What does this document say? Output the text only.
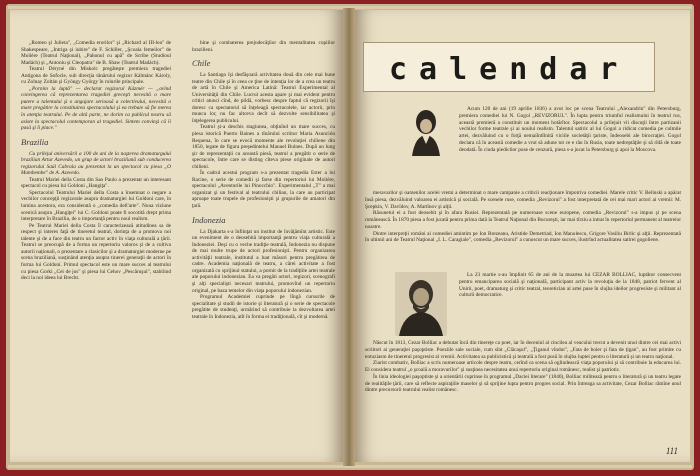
„Romeo şi Julieta", „Comedia erorilor" şi „Richard al III-lea" de Shakespeare, „Intriga şi iubire" de F. Schiller, „Şcoala femeilor" de Molière (Teatrul Naţional), „Pahonul cu apă" de Scribe (Studioul Madách) şi „Antoniu şi Cleopatra" de B. Shaw (Teatrul Madách).

Teatrul Déryné din Miskolc pregăteşte premiera tragediei Antigona de Sofocle, sub direcţia tânărului regizor Kálmánc Károly, cu Zolnay Zoltán şi Gyöngy György în rolurile principale.

„Pornim la luptă" — declarat regizorul Kázmér — „avînd convingerea că reprezentarea tragediei greceşti necesită o mare putere a talentului şi o angajare serioasă a colectivului, necesită o mare pregătire la constituirea spectacolului şi ea trebuie să fie mereu în atenţia teatrului. Pe de altă parte, ne dorim ca publicul nostru să asiste la spectacolul contemporan al tragediei. Sintem convinşi că îi pasă şi îi place."

Brazilia

Cu prilejul aniversării a 100 de ani de la naşterea dramaturgului brazilian Artur Azevedo, un grup de actori braziliană sub conducerea regizorului Saúl Cabrala au prezentat la un spectacol cu piesa „O Mambembe" de A. Azevedo.

Teatrul Mariei della Costa din Sao Paulo a prezentat un interesant spectacol cu piesa lui Goldoni „Hangiţa".

Spectacolul Teatrului Mariei della Costa a însemnat o negare a vechilor concepţii regizorale asupra dramaturgiei lui Goldoni care, în lumina acestora, era considerată o „comedia dell'arte". Noua viziune scenică asupra „Hangiţei" lui C. Goldoni poate fi socotită drept prima interpretare în Brazilia, de o importanţă pentru noul realism.

Pe Teatrul Mariei della Costa îl caracterizează atitudinea sa de respect şi interes faţă de tineretul teatral, dorinţa de a promova noi talente şi de a face din teatru un factor activ în viaţa culturală a ţării. Teatrul se preocupă de a forma un repertoriu valoros şi de a cultiva autorii naţionali, o prezentare a clasicilor şi a dramaturgiei moderne pe scena braziliană, susţinând atenţia asupra tinerei generaţii de actori în forma lui Goldoni. Primul spectacol este un mare succes al teatrului cu piesa Gorki „Cei de jos" şi piesa lui Cehov „Pescăruşul", stabilind deci la noi ideea lui Brecht.

bine şi combaterea prejudecăţilor din mentalitatea copiilor brazilieni.

Chile

La Santiago îşi desfăşoară activitatea două din cele mai bune teatre din Chile şi în ceea ce ţine de intenţia lor de a crea un teatru de artă în Chile şi America Latină: Teatrul Experimental al Universităţii din Chile. Lucrul acesta apare şi mai evident pentru critici atunci cînd, de pildă, vorbesc despre faptul că regizorii îşi doresc ca spectatorul să înţeleagă spectacolele, iar actorii, prin munca lor, nu fac altceva decît să dezvolte sensibilitatea şi înţelegerea publicului.

Teatrul şi-a deschis stagiunea, obţinînd un mare succes, cu piesa istorică Puerto Baines a tînărului scriitor Maria Asunción Requena, în care se evocă momente ale revoluţiei chiliene din 1850, legate de figura preşedintelui Manuel Bulnes. După un lung şir de reprezentaţii cu această piesă, teatrul a pregătit o serie de spectacole, între care se disting cîteva piese originale de autori chilieni.

În cadrul acestui program s-a prezentat tragedia Ester a lui Racine, o serie de comedii şi farse din repertoriul lui Molière, spectacolul „Aventurile lui Pinocchio". Experimentalul „T" a mai organizat şi un festival al teatrului chilian, la care au participat aproape toate trupele de profesionişti şi grupurile de amatori din ţară.

Indonezia

La Djakarta s-a înfiinţat un institut de învăţămînt artistic. Este un eveniment de o deosebită importanţă pentru viaţa culturală a Indoneziei. Deşi cu o veche tradiţie teatrală, Indonezia nu dispune de mai multe trupe de actori profesionişti. Pentru organizarea activităţii teatrale, institutul a luat măsuri pentru pregătirea de cadre. Academia naţională de teatru, a cărei activitate a fost organizată cu sprijinul statului, a pornit de la tradiţiile artei teatrale ale poporului indonezian. Ea va pregăti actori, regizori, scenografi şi alţi specialişti necesari teatrului, promovînd un repertoriu original, pe baza temelor din viaţa poporului indonezian.

Programul Academiei cuprinde pe lîngă cursurile de specialitate şi studii de istorie şi literatură şi o serie de spectacole pregătite de studenţi, urmărind să contribuie la dezvoltarea artei teatrale în Indonezia, atît în forma ei tradiţională, cît şi modernă.

calendar

Acum 120 de ani (19 aprilie 1836) a avut loc pe scena Teatrului „Alexandrin" din Petersburg, premiera comediei lui N. Gogol „REVIZORUL". În lupta pentru triumful realismului în teatrul rus, această premieră a constituit un moment hotărîtor. Spectacolul a prilejuit vii discuţii între partizanii vechilor forme teatrale şi ai noului realism. Talentul satiric al lui Gogol a ridicat comedia pe culmile artei, dezvăluind cu o forţă nemaiîntîlnită viciile societăţii ţariste, îndeosebi ale birocraţiei. Gogol declara că în această comedie a vrut să adune tot ce e rău în Rusia, toate nedreptăţile şi să rîdă de toate deodată. În ciuda piedicilor puse de cenzură, piesa s-a jucat la Petersburg şi apoi la Moscova.

meravarilor şi oamenilor acelei vremi a determinat o mare campanie a criticii reacţionare împotriva comediei. Marele critic V. Belinski a apărat însă piesa, dezvăluind valoarea ei artistică şi socială. Pe scenele ruse, comedia „Revizorul" a fost interpretată de cei mai mari actori ai vremii: M. Şcepkin, V. Davîdov, A. Martînov şi alţii.

Răsunetul ei a fost deosebit şi în afara Rusiei. Reprezentată pe numeroase scene europene, comedia „Revizorul" s-a impus şi pe scena românească. În 1870 piesa a fost jucată pentru prima dată la Teatrul Naţional din Bucureşti, iar mai tîrziu a intrat în repertoriul permanent al teatrelor noastre.

Dintre interpreţii români ai comediei amintim pe Ion Brezeanu, Aristide Demetriad, Ion Manolescu, Grigore Vasiliu Birlic şi alţii. Reprezentată în ultimii ani de Teatrul Naţional „I. L. Caragiale", comedia „Revizorul" a cunoscut un mare succes, ilustrînd actualitatea satirei gogoliene.

La 23 martie s-au împlinit 65 de ani de la moartea lui CEZAR BOLLIAC, luptător consecvent pentru emanciparea socială şi naţională, participant activ la revoluţia de la 1848, patriot fervent al Unirii, poet, dramaturg şi critic teatral, teoretician al artei puse în slujba ideilor progresiste şi militant al culturii democratice.

Născut în 1813, Cezar Bolliac a debutat încă din tinereţe ca poet, iar în deceniul al cincilea al veacului trecut a devenit unul dintre cei mai activi scriitori ai generaţiei paşoptiste. Poeziile sale sociale, cum sînt „Clăcaşul", „Ţiganul vîndut", „Fata de boier şi fata de ţigan", au fost primite cu entuziasm de tineretul progresist al vremii. Activitatea sa publicistică şi teatrală a fost pusă în slujba luptei pentru o literatură şi un teatru naţional.

Ziarist combativ, Bolliac a scris numeroase articole despre teatru, cerînd ca scena să oglindească viaţa poporului şi să contribuie la educarea lui. El considera teatrul „o şcoală a moravurilor" şi susţinea necesitatea unui repertoriu original românesc, realist şi patriotic.

În linia ideologiei paşoptiste şi a orientării cuprinse în programul „Daciei literare" (1840), Bolliac militează pentru o literatură şi un teatru legate de realităţile ţării, care să reflecte aspiraţiile maselor şi să sprijine lupta pentru progres social. Prin întreaga sa activitate, Cezar Bolliac rămîne unul dintre precursorii teatrului realist românesc.

111
